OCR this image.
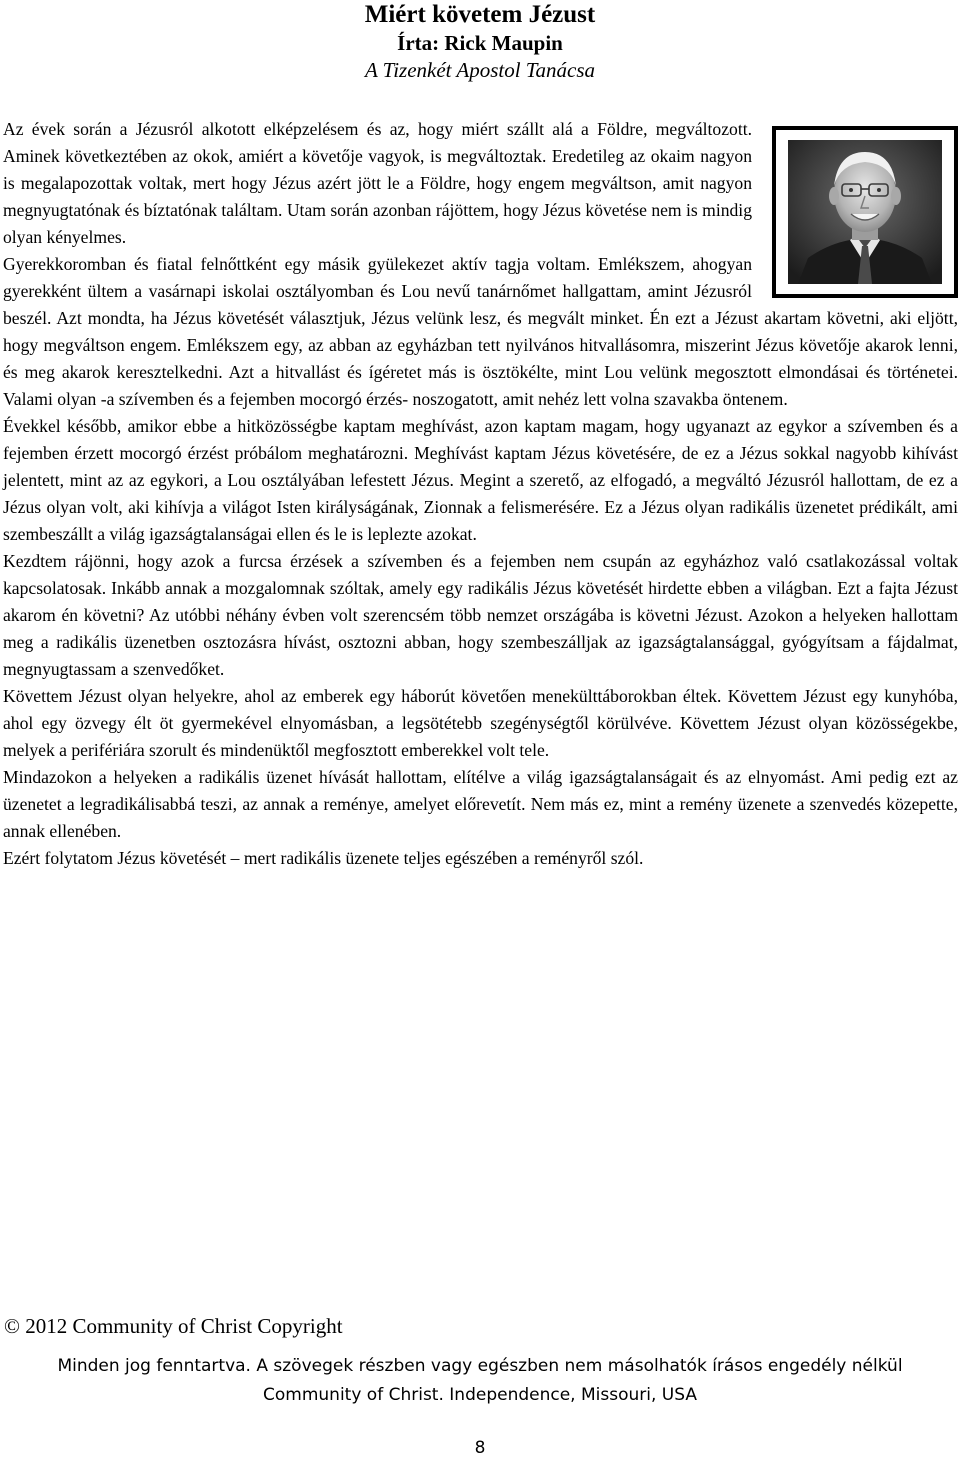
Miért követem Jézust
Írta: Rick Maupin
A Tizenkét Apostol Tanácsa

Az évek során a Jézusról alkotott elképzelésem és az, hogy miért szállt alá a Földre, megváltozott. Aminek következtében az okok, amiért a követője vagyok, is megváltoztak. Eredetileg az okaim nagyon is megalapozottak voltak, mert hogy Jézus azért jött le a Földre, hogy engem megváltson, amit nagyon megnyugtatónak és bíztatónak találtam. Utam során azonban rájöttem, hogy Jézus követése nem is mindig olyan kényelmes.

Gyerekkoromban és fiatal felnőttként egy másik gyülekezet aktív tagja voltam. Emlékszem, ahogyan gyerekként ültem a vasárnapi iskolai osztályomban és Lou nevű tanárnőmet hallgattam, amint Jézusról beszél. Azt mondta, ha Jézus követését választjuk, Jézus velünk lesz, és megvált minket. Én ezt a Jézust akartam követni, aki eljött, hogy megváltson engem. Emlékszem egy, az abban az egyházban tett nyilvános hitvallásomra, miszerint Jézus követője akarok lenni, és meg akarok keresztelkedni. Azt a hitvallást és ígéretet más is ösztökélte, mint Lou velünk megosztott elmondásai és történetei. Valami olyan -a szívemben és a fejemben mocorgó érzés- noszogatott, amit nehéz lett volna szavakba öntenem.

Évekkel később, amikor ebbe a hitközösségbe kaptam meghívást, azon kaptam magam, hogy ugyanazt az egykor a szívemben és a fejemben érzett mocorgó érzést próbálom meghatározni. Meghívást kaptam Jézus követésére, de ez a Jézus sokkal nagyobb kihívást jelentett, mint az az egykori, a Lou osztályában lefestett Jézus. Megint a szerető, az elfogadó, a megváltó Jézusról hallottam, de ez a Jézus olyan volt, aki kihívja a világot Isten királyságának, Zionnak a felismerésére. Ez a Jézus olyan radikális üzenetet prédikált, ami szembeszállt a világ igazságtalanságai ellen és le is leplezte azokat.

Kezdtem rájönni, hogy azok a furcsa érzések a szívemben és a fejemben nem csupán az egyházhoz való csatlakozással voltak kapcsolatosak. Inkább annak a mozgalomnak szóltak, amely egy radikális Jézus követését hirdette ebben a világban. Ezt a fajta Jézust akarom én követni? Az utóbbi néhány évben volt szerencsém több nemzet országába is követni Jézust. Azokon a helyeken hallottam meg a radikális üzenetben osztozásra hívást, osztozni abban, hogy szembeszálljak az igazságtalansággal, gyógyítsam a fájdalmat, megnyugtassam a szenvedőket.

Követtem Jézust olyan helyekre, ahol az emberek egy háborút követően menekülttáborokban éltek. Követtem Jézust egy kunyhóba, ahol egy özvegy élt öt gyermekével elnyomásban, a legsötétebb szegénységtől körülvéve. Követtem Jézust olyan közösségekbe, melyek a perifériára szorult és mindenüktől megfosztott emberekkel volt tele.

Mindazokon a helyeken a radikális üzenet hívását hallottam, elítélve a világ igazságtalanságait és az elnyomást. Ami pedig ezt az üzenetet a legradikálisabbá teszi, az annak a reménye, amelyet előrevetít. Nem más ez, mint a remény üzenete a szenvedés közepette, annak ellenében.

Ezért folytatom Jézus követését – mert radikális üzenete teljes egészében a reményről szól.

© 2012 Community of Christ Copyright
Minden jog fenntartva. A szövegek részben vagy egészben nem másolhatók írásos engedély nélkül
Community of Christ. Independence, Missouri, USA
8
